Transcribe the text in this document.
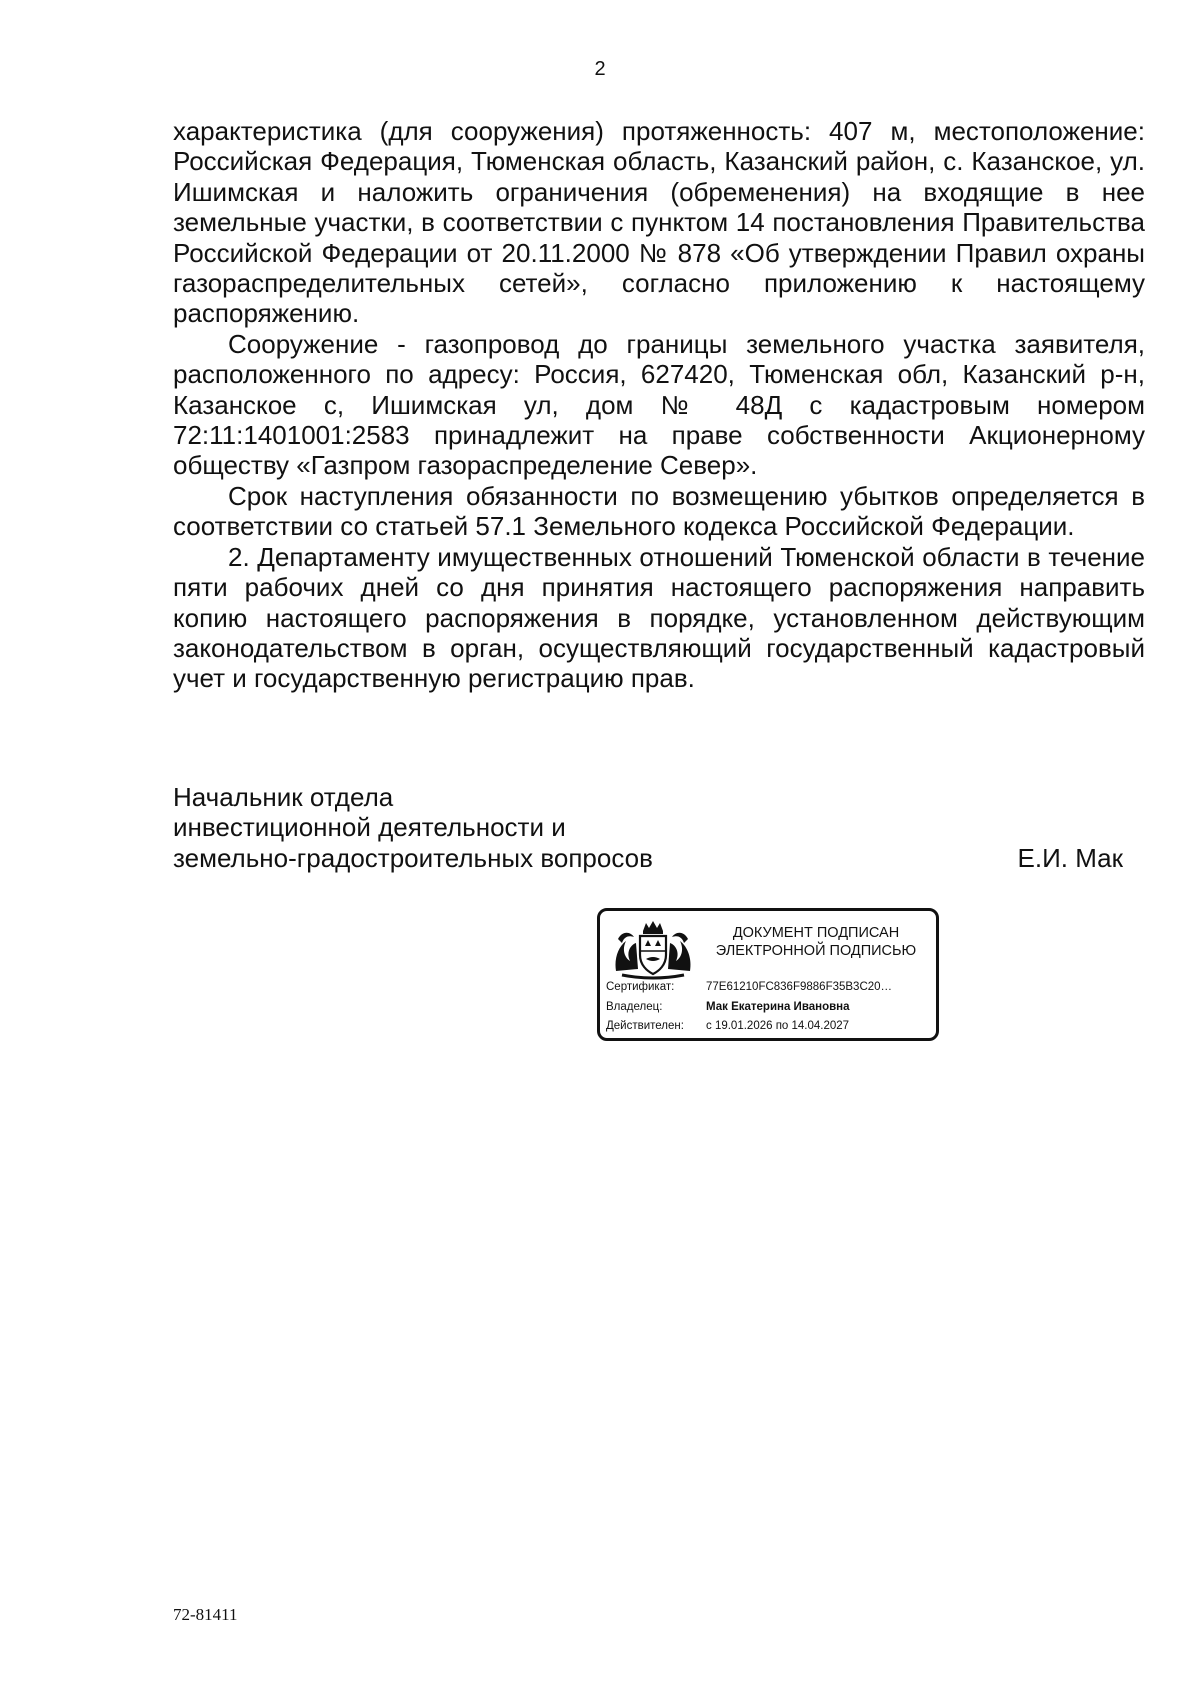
2

характеристика (для сооружения) протяженность: 407 м, местоположение: Российская Федерация, Тюменская область, Казанский район, с. Казанское, ул. Ишимская и наложить ограничения (обременения) на входящие в нее земельные участки, в соответствии с пунктом 14 постановления Правительства Российской Федерации от 20.11.2000 № 878 «Об утверждении Правил охраны газораспределительных сетей», согласно приложению к настоящему распоряжению.

Сооружение - газопровод до границы земельного участка заявителя, расположенного по адресу: Россия, 627420, Тюменская обл, Казанский р-н, Казанское с, Ишимская ул, дом № 48Д с кадастровым номером 72:11:1401001:2583 принадлежит на праве собственности Акционерному обществу «Газпром газораспределение Север».

Срок наступления обязанности по возмещению убытков определяется в соответствии со статьей 57.1 Земельного кодекса Российской Федерации.

2. Департаменту имущественных отношений Тюменской области в течение пяти рабочих дней со дня принятия настоящего распоряжения направить копию настоящего распоряжения в порядке, установленном действующим законодательством в орган, осуществляющий государственный кадастровый учет и государственную регистрацию прав.

Начальник отдела
инвестиционной деятельности и
земельно-градостроительных вопросов	Е.И. Мак
ДОКУМЕНТ ПОДПИСАН
ЭЛЕКТРОННОЙ ПОДПИСЬЮ
Сертификат:	77E61210FC836F9886F35B3C20…
Владелец:	Мак Екатерина Ивановна
Действителен: с 19.01.2026 по 14.04.2027
72-81411
